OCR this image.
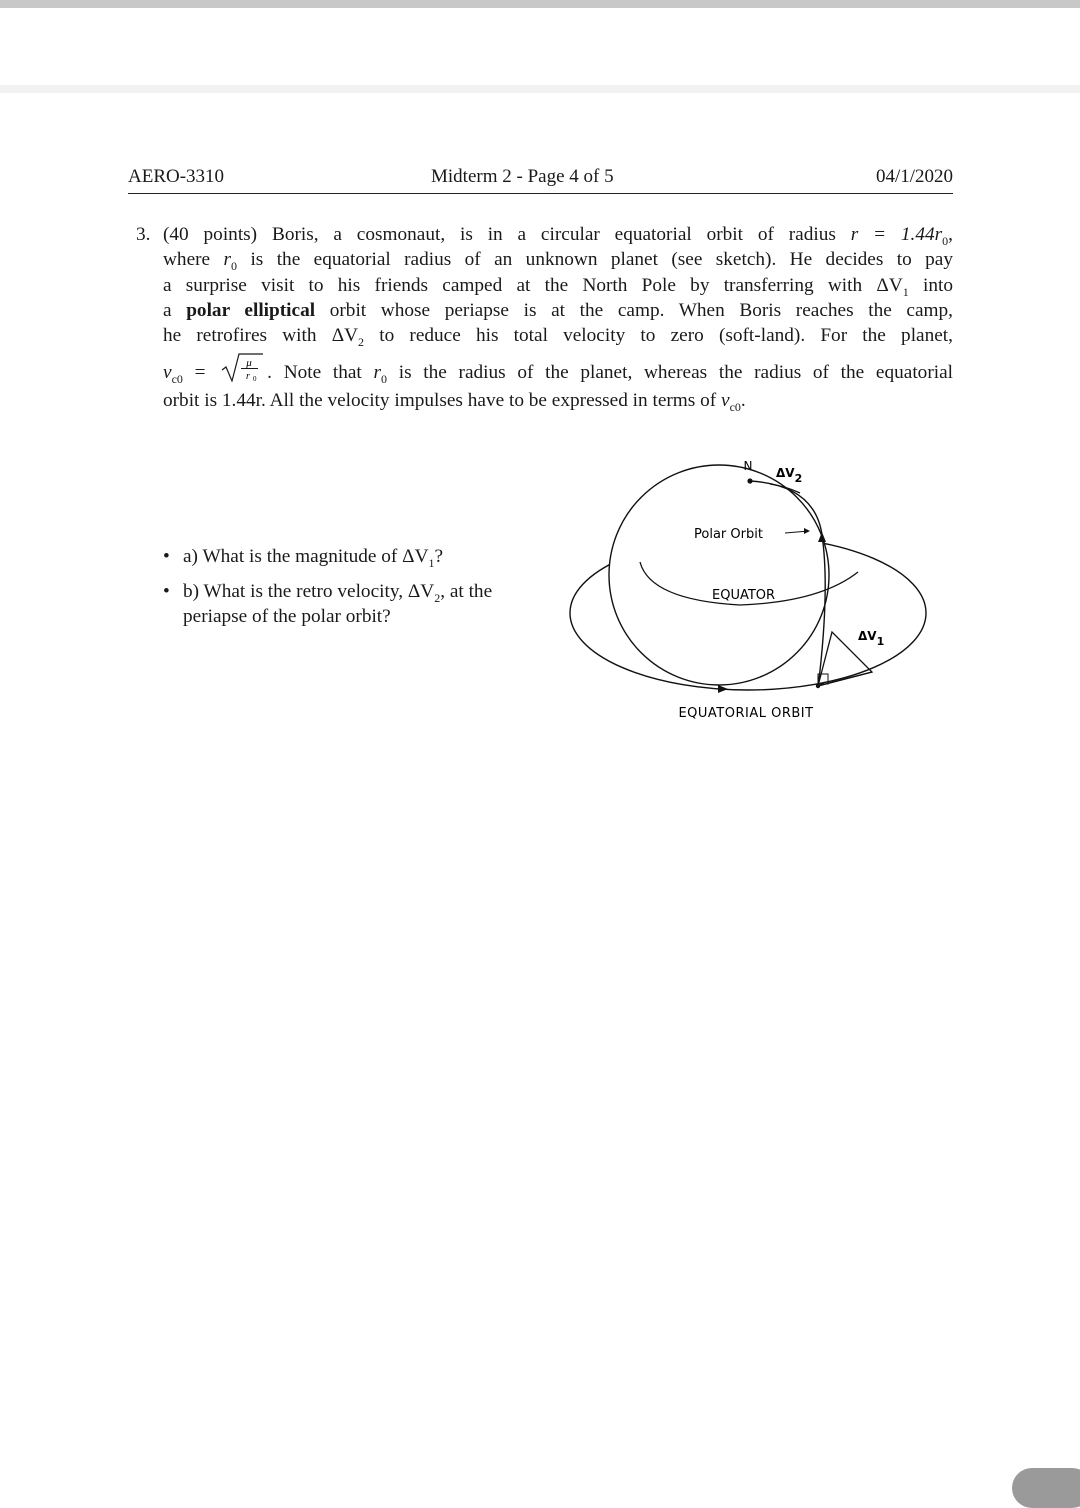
AERO-3310	Midterm 2 - Page 4 of 5	04/1/2020
3. (40 points) Boris, a cosmonaut, is in a circular equatorial orbit of radius $r = 1.44r_0$,
where $r_0$ is the equatorial radius of an unknown planet (see sketch). He decides to pay
a surprise visit to his friends camped at the North Pole by transferring with $\Delta V_1$ into
a polar elliptical orbit whose periapse is at the camp. When Boris reaches the camp,
he retrofires with $\Delta V_2$ to reduce his total velocity to zero (soft-land). For the planet,
$v_{c0}$ =	μ
r 0 . Note that $r_0$ is the radius of the planet, whereas the radius of the equatorial
orbit is 1.44r. All the velocity impulses have to be expressed in terms of $v_{c0}$.
• a) What is the magnitude of $\Delta V_1$?
• b) What is the retro velocity, $\Delta V_2$, at the periapse of the polar orbit?
N ΔV2
Polar Orbit
EQUATOR
ΔV1
EQUATORIAL ORBIT
